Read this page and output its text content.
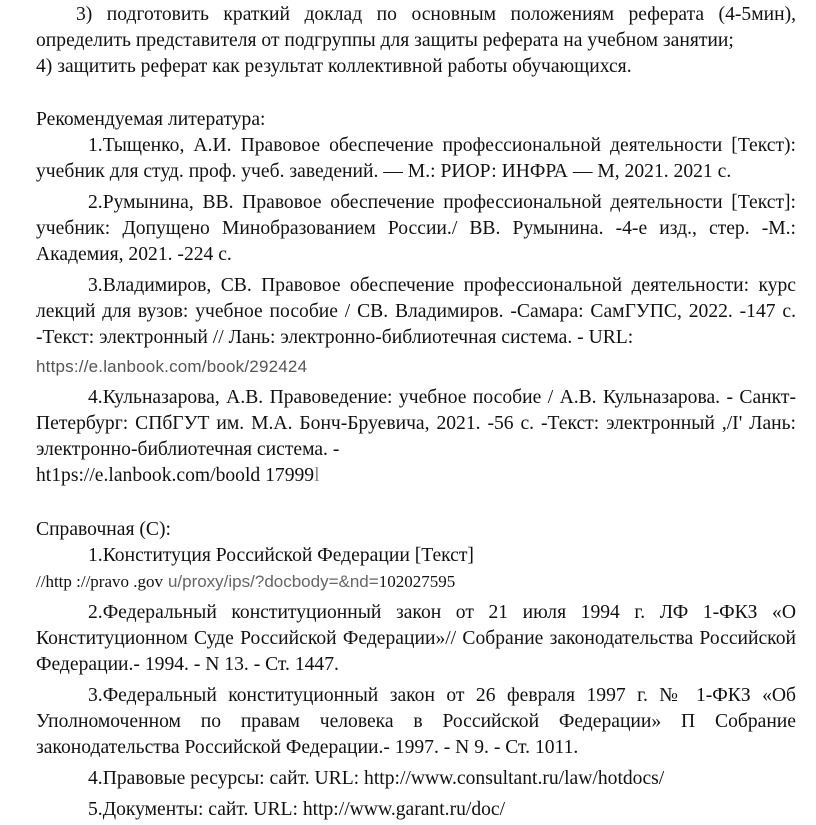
3) подготовить краткий доклад по основным положениям реферата (4-5мин), определить представителя от подгруппы для защиты реферата на учебном занятии;

4) защитить реферат как результат коллективной работы обучающихся.

Рекомендуемая литература:

1.Тыщенко, А.И. Правовое обеспечение профессиональной деятельности [Текст): учебник для студ. проф. учеб. заведений. — М.: РИОР: ИНФРА — М, 2021. 2021 с.

2.Румынина, ВВ. Правовое обеспечение профессиональной деятельности [Текст]: учебник: Допущено Минобразованием России./ ВВ. Румынина. -4-е изд., стер. -М.: Академия, 2021. -224 с.

3.Владимиров, СВ. Правовое обеспечение профессиональной деятельности: курс лекций для вузов: учебное пособие / СВ. Владимиров. -Самара: СамГУПС, 2022. -147 с. -Текст: электронный // Лань: электронно-библиотечная система. - URL:

https://e.lanbook.com/book/292424

4.Кульназарова, А.В. Правоведение: учебное пособие / А.В. Кульназарова. - Санкт-Петербург: СПбГУТ им. М.А. Бонч-Бруевича, 2021. -56 с. -Текст: электронный ,/I' Лань: электронно-библиотечная система. -

ht1ps://e.lanbook.com/boold 17999l

Справочная (С):

1.Конституция Российской Федерации [Текст]

//http ://pravo .gov u/proxy/ips/?docbody=&nd=102027595

2.Федеральный конституционный закон от 21 июля 1994 г. ЛФ 1-ФКЗ «О Конституционном Суде Российской Федерации»// Собрание законодательства Российской Федерации.- 1994. - N 13. - Ст. 1447.

3.Федеральный конституционный закон от 26 февраля 1997 г. № 1-ФКЗ «Об Уполномоченном по правам человека в Российской Федерации» П Собрание законодательства Российской Федерации.- 1997. - N 9. - Ст. 1011.

4.Правовые ресурсы: сайт. URL: http://www.consultant.ru/law/hotdocs/

5.Документы: сайт. URL: http://www.garant.ru/doc/
